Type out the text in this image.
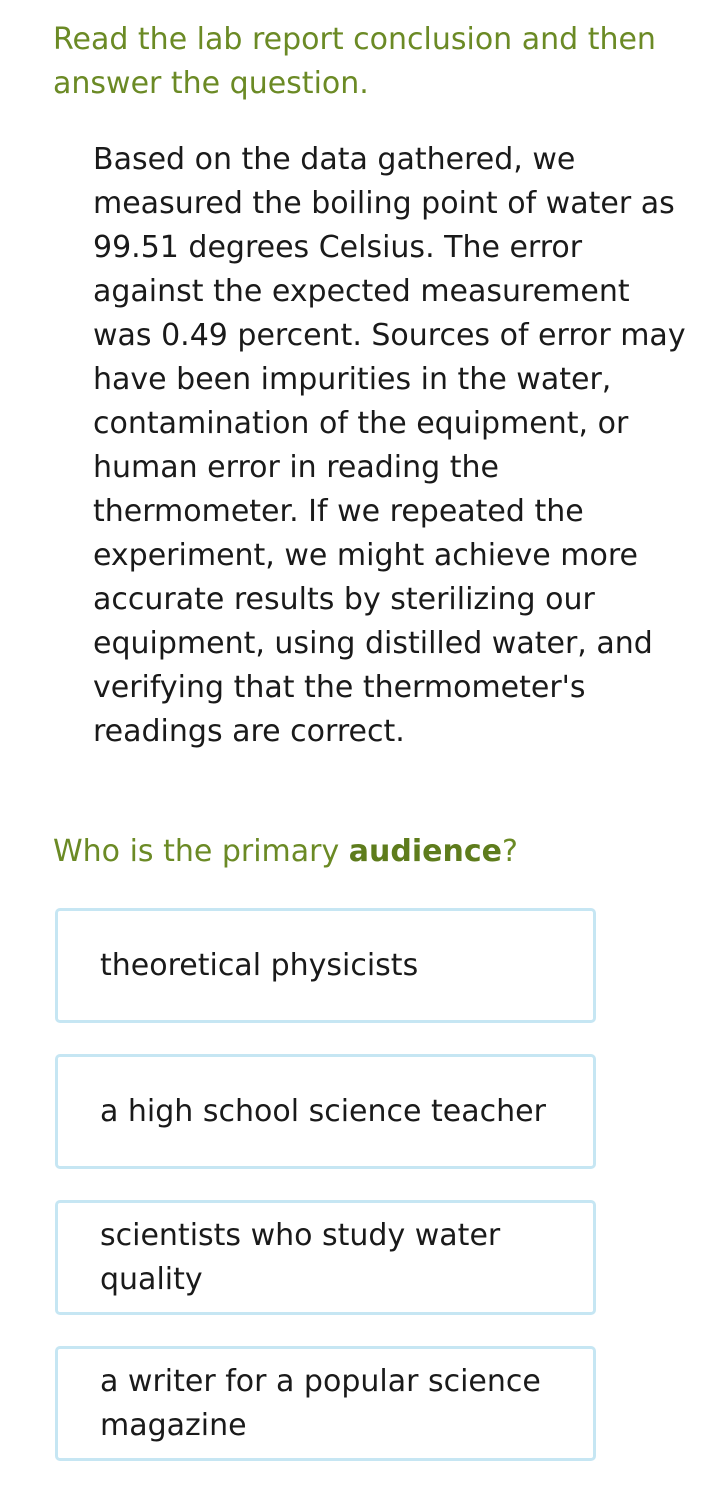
Read the lab report conclusion and then answer the question.

Based on the data gathered, we measured the boiling point of water as 99.51 degrees Celsius. The error against the expected measurement was 0.49 percent. Sources of error may have been impurities in the water, contamination of the equipment, or human error in reading the thermometer. If we repeated the experiment, we might achieve more accurate results by sterilizing our equipment, using distilled water, and verifying that the thermometer's readings are correct.

Who is the primary audience?

theoretical physicists
a high school science teacher
scientists who study water quality
a writer for a popular science magazine
